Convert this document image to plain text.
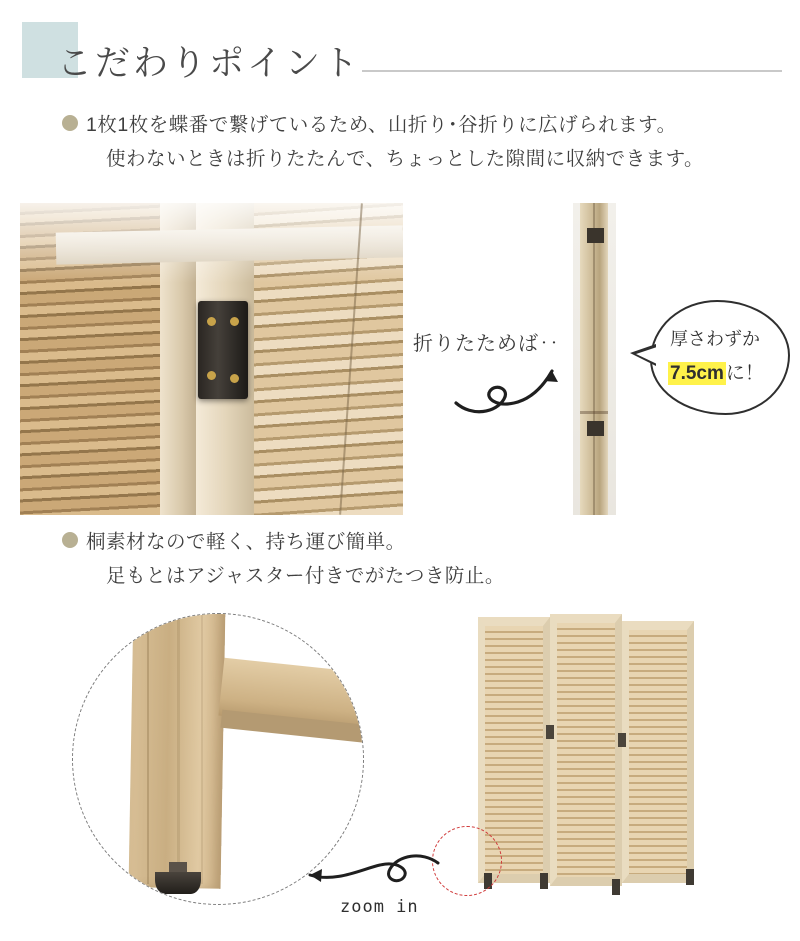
こだわりポイント
1枚1枚を蝶番で繋げているため、山折り･谷折りに広げられます。
使わないときは折りたたんで、ちょっとした隙間に収納できます。
折りたためば‥	厚さわずか
7.5cm に！
桐素材なので軽く、持ち運び簡単。
足もとはアジャスター付きでがたつき防止。
zoom in
